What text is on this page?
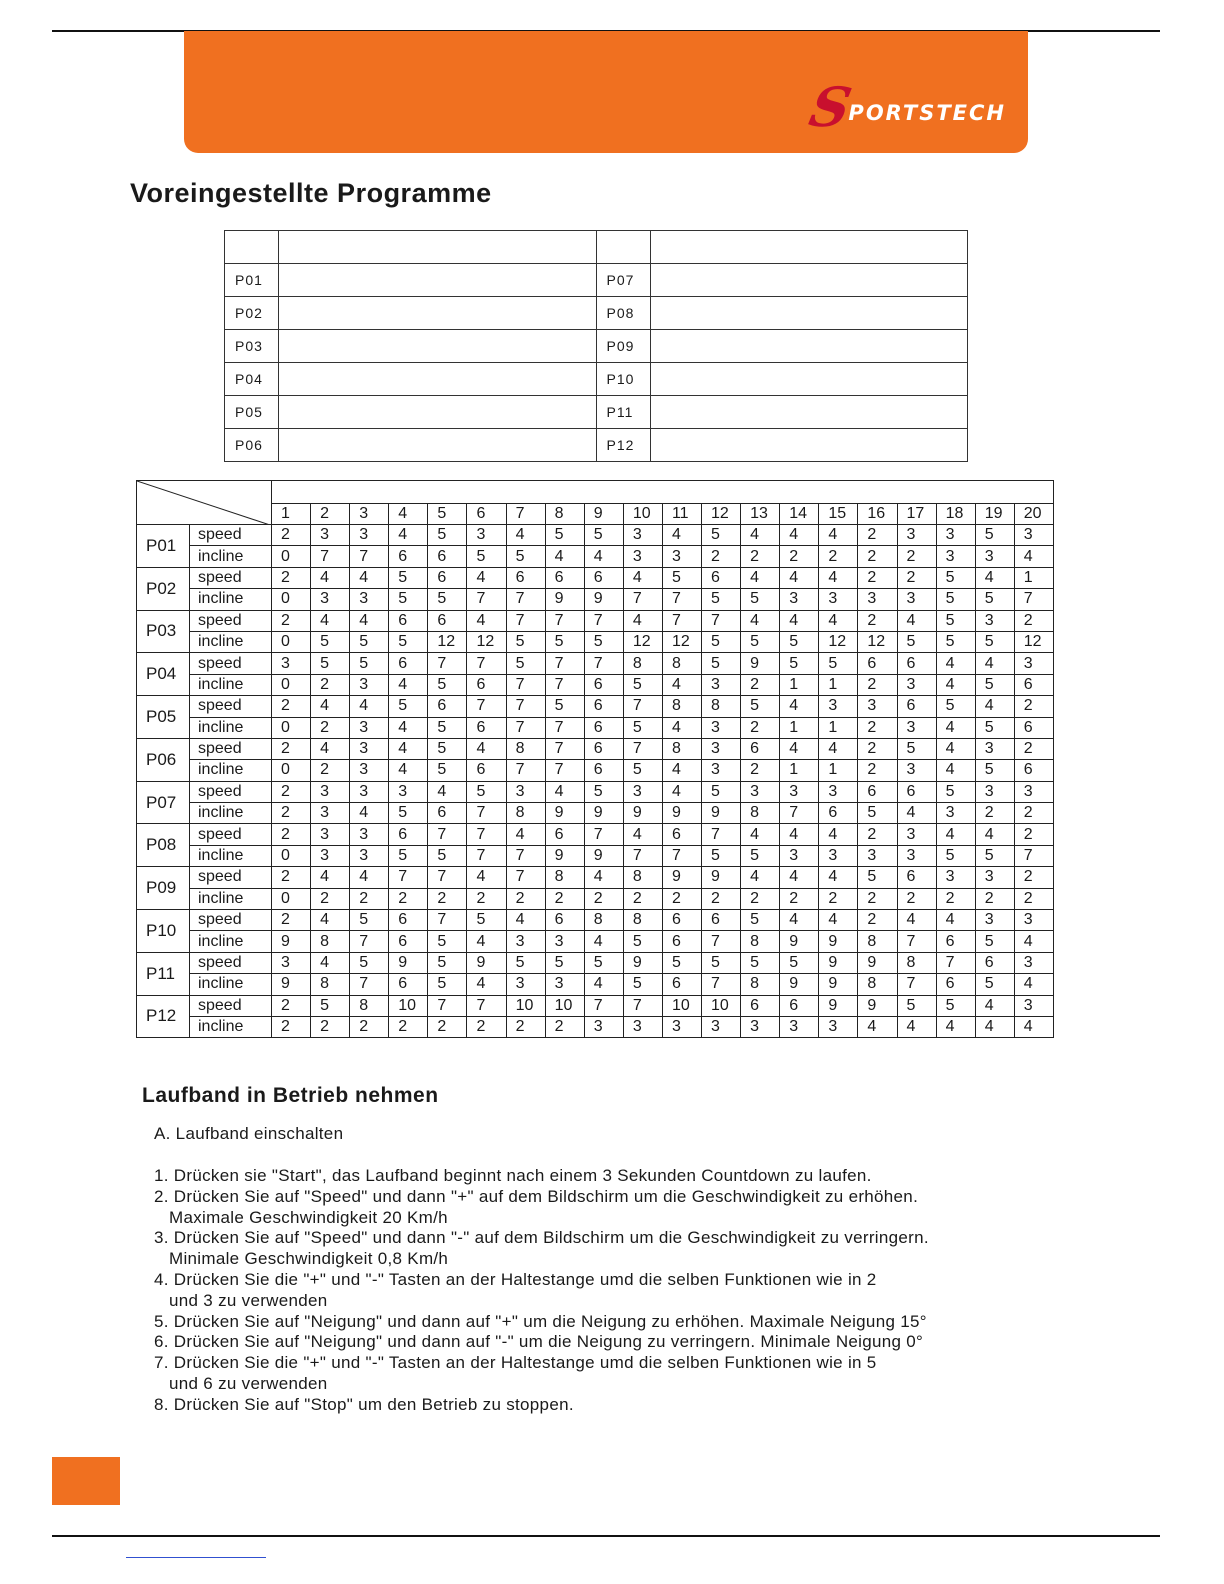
S
PORTSTECH
Voreingestellte Programme

P01		P07	
P02		P08	
P03		P09	
P04		P10	
P05		P11	
P06		P12	

		1	2	3	4	5	6	7	8	9	10	11	12	13	14	15	16	17	18	19	20
P01	speed	2	3	3	4	5	3	4	5	5	3	4	5	4	4	4	2	3	3	5	3
	incline	0	7	7	6	6	5	5	4	4	3	3	2	2	2	2	2	2	3	3	4
P02	speed	2	4	4	5	6	4	6	6	6	4	5	6	4	4	4	2	2	5	4	1
	incline	0	3	3	5	5	7	7	9	9	7	7	5	5	3	3	3	3	5	5	7
P03	speed	2	4	4	6	6	4	7	7	7	4	7	7	4	4	4	2	4	5	3	2
	incline	0	5	5	5	12	12	5	5	5	12	12	5	5	5	12	12	5	5	5	12
P04	speed	3	5	5	6	7	7	5	7	7	8	8	5	9	5	5	6	6	4	4	3
	incline	0	2	3	4	5	6	7	7	6	5	4	3	2	1	1	2	3	4	5	6
P05	speed	2	4	4	5	6	7	7	5	6	7	8	8	5	4	3	3	6	5	4	2
	incline	0	2	3	4	5	6	7	7	6	5	4	3	2	1	1	2	3	4	5	6
P06	speed	2	4	3	4	5	4	8	7	6	7	8	3	6	4	4	2	5	4	3	2
	incline	0	2	3	4	5	6	7	7	6	5	4	3	2	1	1	2	3	4	5	6
P07	speed	2	3	3	3	4	5	3	4	5	3	4	5	3	3	3	6	6	5	3	3
	incline	2	3	4	5	6	7	8	9	9	9	9	9	8	7	6	5	4	3	2	2
P08	speed	2	3	3	6	7	7	4	6	7	4	6	7	4	4	4	2	3	4	4	2
	incline	0	3	3	5	5	7	7	9	9	7	7	5	5	3	3	3	3	5	5	7
P09	speed	2	4	4	7	7	4	7	8	4	8	9	9	4	4	4	5	6	3	3	2
	incline	0	2	2	2	2	2	2	2	2	2	2	2	2	2	2	2	2	2	2	2
P10	speed	2	4	5	6	7	5	4	6	8	8	6	6	5	4	4	2	4	4	3	3
	incline	9	8	7	6	5	4	3	3	4	5	6	7	8	9	9	8	7	6	5	4
P11	speed	3	4	5	9	5	9	5	5	5	9	5	5	5	5	9	9	8	7	6	3
	incline	9	8	7	6	5	4	3	3	4	5	6	7	8	9	9	8	7	6	5	4
P12	speed	2	5	8	10	7	7	10	10	7	7	10	10	6	6	9	9	5	5	4	3
	incline	2	2	2	2	2	2	2	2	3	3	3	3	3	3	3	4	4	4	4	4
Laufband in Betrieb nehmen
A. Laufband einschalten
1. Drücken sie "Start", das Laufband beginnt nach einem 3 Sekunden Countdown zu laufen.
2. Drücken Sie auf "Speed" und dann "+" auf dem Bildschirm um die Geschwindigkeit zu erhöhen.
Maximale Geschwindigkeit 20 Km/h
3. Drücken Sie auf "Speed" und dann "-" auf dem Bildschirm um die Geschwindigkeit zu verringern.
Minimale Geschwindigkeit 0,8 Km/h
4. Drücken Sie die "+" und "-" Tasten an der Haltestange umd die selben Funktionen wie in 2
und 3 zu verwenden
5. Drücken Sie auf "Neigung" und dann auf "+" um die Neigung zu erhöhen. Maximale Neigung 15°
6. Drücken Sie auf "Neigung" und dann auf "-" um die Neigung zu verringern. Minimale Neigung 0°
7. Drücken Sie die "+" und "-" Tasten an der Haltestange umd die selben Funktionen wie in 5
und 6 zu verwenden
8. Drücken Sie auf "Stop" um den Betrieb zu stoppen.
